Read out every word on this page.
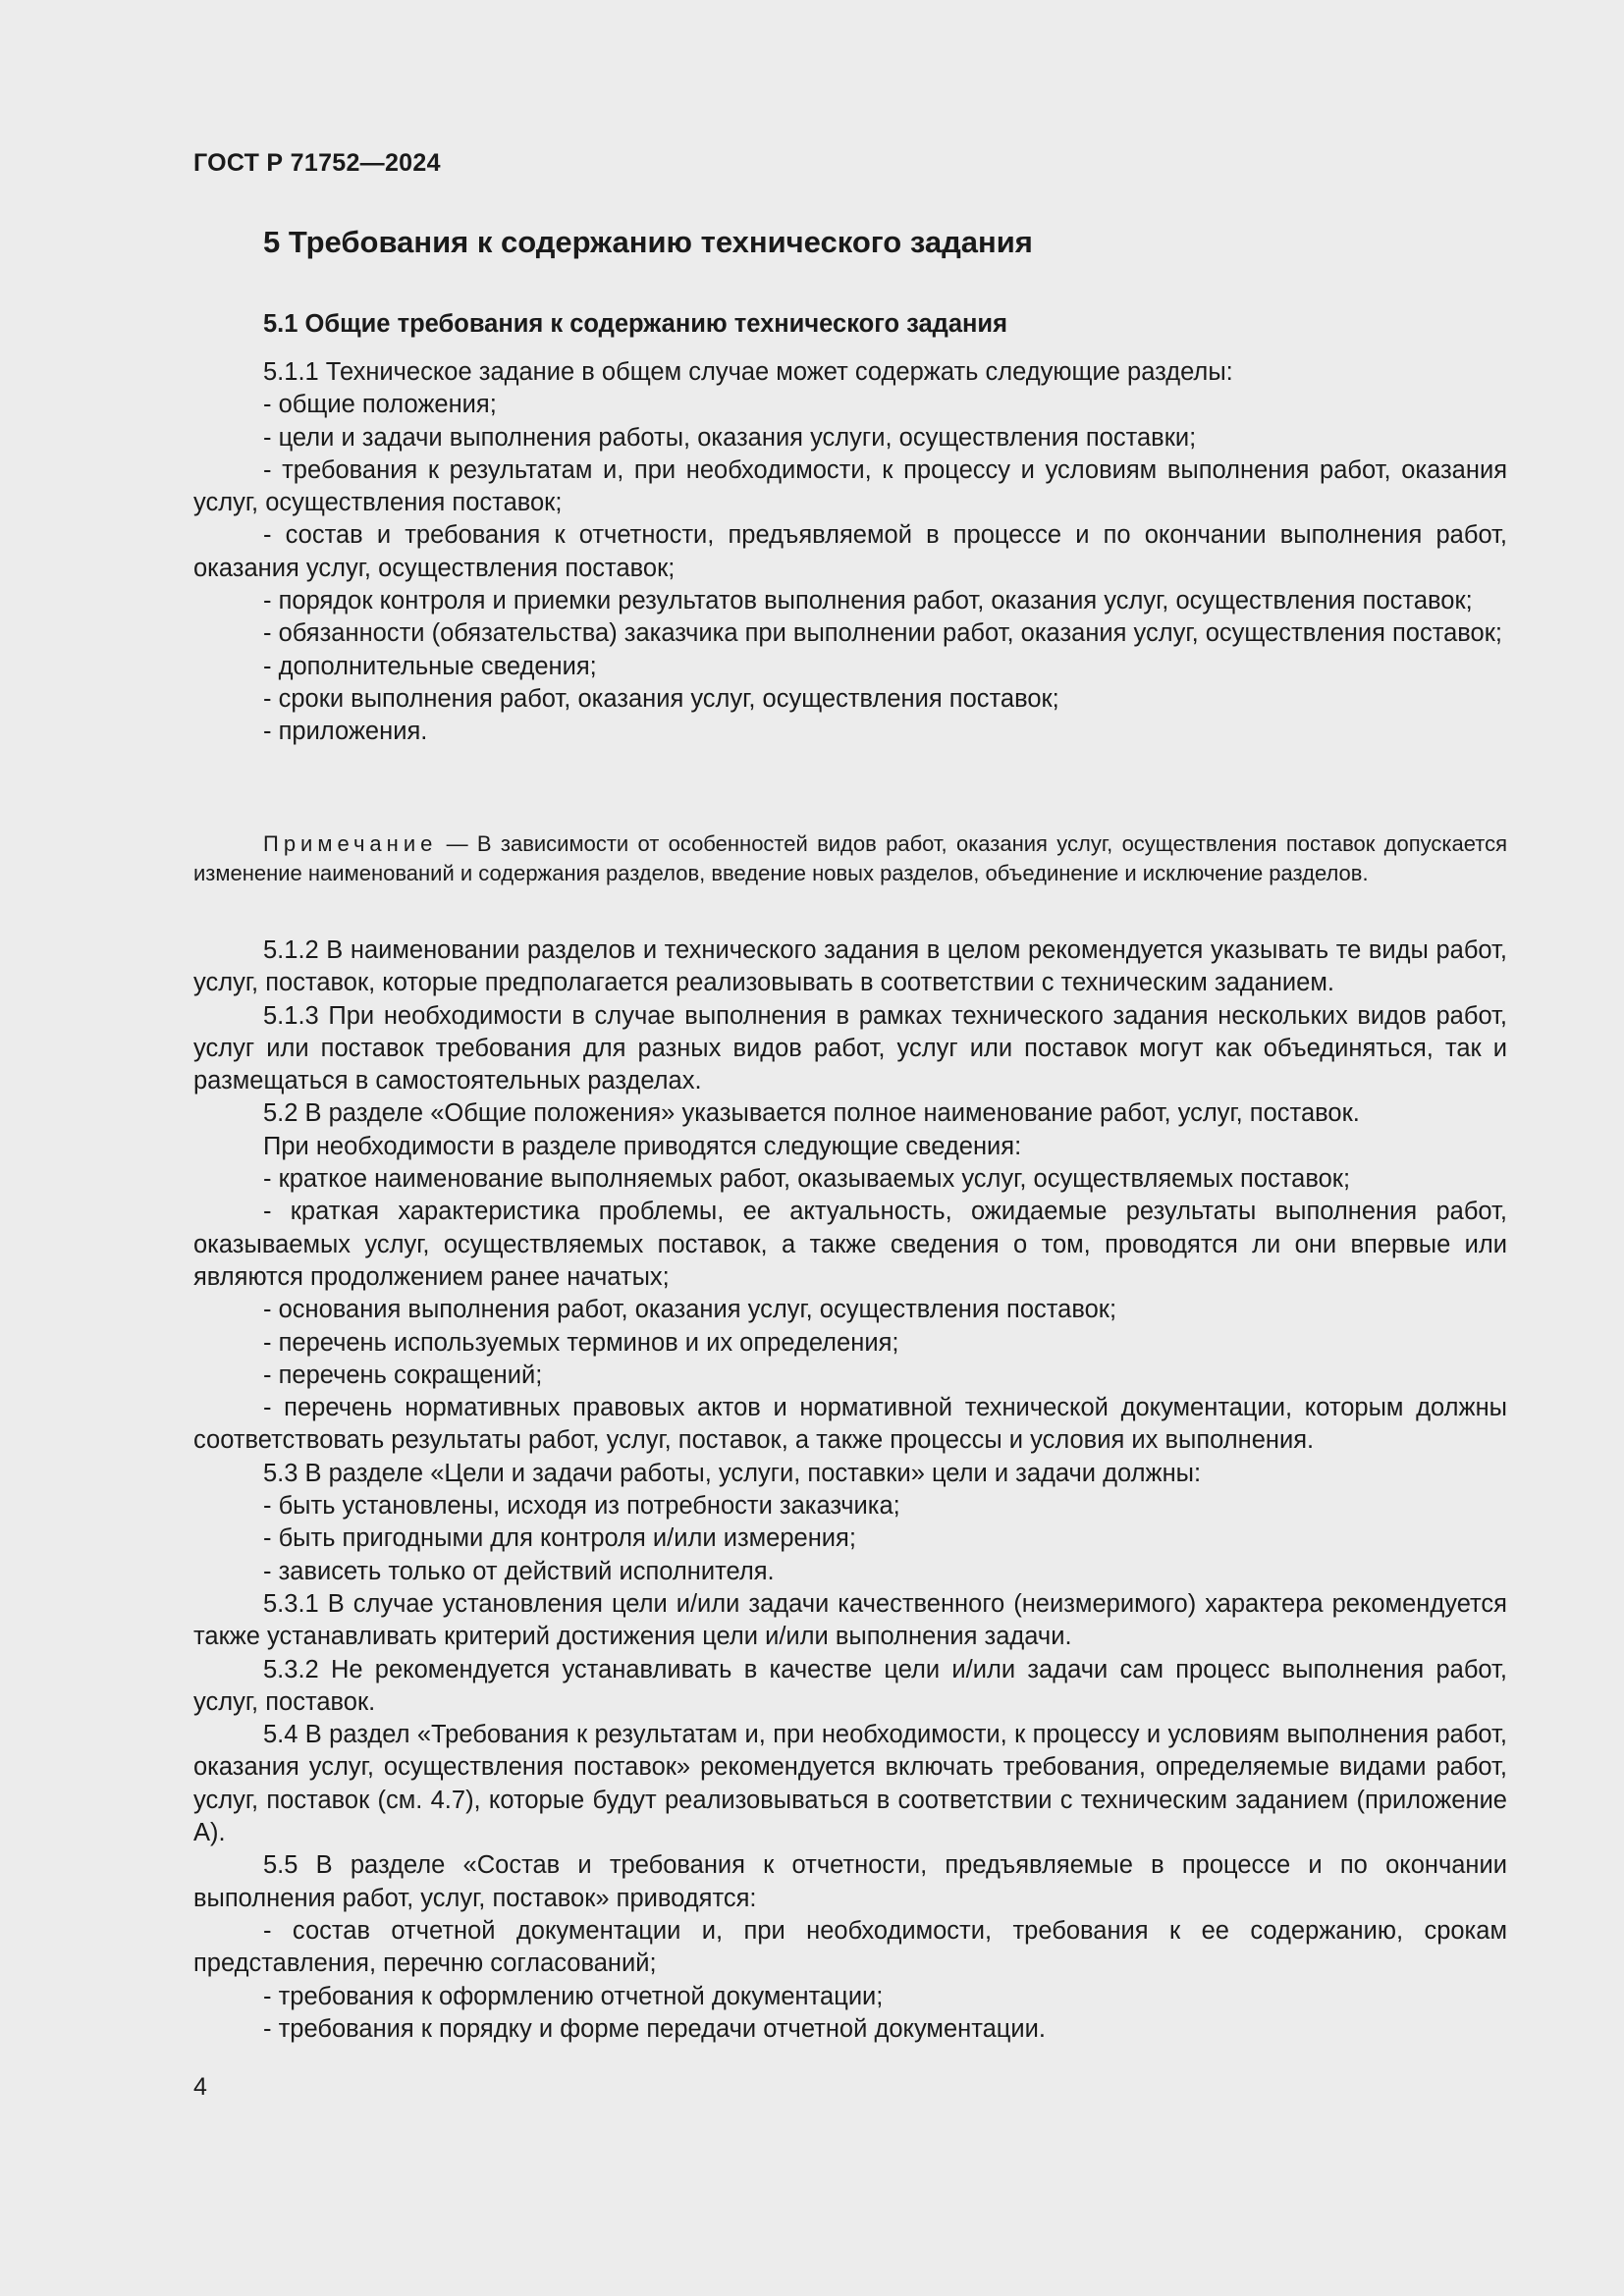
ГОСТ Р 71752—2024
5 Требования к содержанию технического задания
5.1 Общие требования к содержанию технического задания

5.1.1 Техническое задание в общем случае может содержать следующие разделы:

- общие положения;

- цели и задачи выполнения работы, оказания услуги, осуществления поставки;

- требования к результатам и, при необходимости, к процессу и условиям выполнения работ, оказания услуг, осуществления поставок;

- состав и требования к отчетности, предъявляемой в процессе и по окончании выполнения работ, оказания услуг, осуществления поставок;

- порядок контроля и приемки результатов выполнения работ, оказания услуг, осуществления поставок;

- обязанности (обязательства) заказчика при выполнении работ, оказания услуг, осуществления поставок;

- дополнительные сведения;

- сроки выполнения работ, оказания услуг, осуществления поставок;

- приложения.

Примечание — В зависимости от особенностей видов работ, оказания услуг, осуществления поставок допускается изменение наименований и содержания разделов, введение новых разделов, объединение и исключение разделов.

5.1.2 В наименовании разделов и технического задания в целом рекомендуется указывать те виды работ, услуг, поставок, которые предполагается реализовывать в соответствии с техническим заданием.

5.1.3 При необходимости в случае выполнения в рамках технического задания нескольких видов работ, услуг или поставок требования для разных видов работ, услуг или поставок могут как объединяться, так и размещаться в самостоятельных разделах.

5.2 В разделе «Общие положения» указывается полное наименование работ, услуг, поставок.

При необходимости в разделе приводятся следующие сведения:

- краткое наименование выполняемых работ, оказываемых услуг, осуществляемых поставок;

- краткая характеристика проблемы, ее актуальность, ожидаемые результаты выполнения работ, оказываемых услуг, осуществляемых поставок, а также сведения о том, проводятся ли они впервые или являются продолжением ранее начатых;

- основания выполнения работ, оказания услуг, осуществления поставок;

- перечень используемых терминов и их определения;

- перечень сокращений;

- перечень нормативных правовых актов и нормативной технической документации, которым должны соответствовать результаты работ, услуг, поставок, а также процессы и условия их выполнения.

5.3 В разделе «Цели и задачи работы, услуги, поставки» цели и задачи должны:

- быть установлены, исходя из потребности заказчика;

- быть пригодными для контроля и/или измерения;

- зависеть только от действий исполнителя.

5.3.1 В случае установления цели и/или задачи качественного (неизмеримого) характера рекомендуется также устанавливать критерий достижения цели и/или выполнения задачи.

5.3.2 Не рекомендуется устанавливать в качестве цели и/или задачи сам процесс выполнения работ, услуг, поставок.

5.4 В раздел «Требования к результатам и, при необходимости, к процессу и условиям выполнения работ, оказания услуг, осуществления поставок» рекомендуется включать требования, определяемые видами работ, услуг, поставок (см. 4.7), которые будут реализовываться в соответствии с техническим заданием (приложение А).

5.5 В разделе «Состав и требования к отчетности, предъявляемые в процессе и по окончании выполнения работ, услуг, поставок» приводятся:

- состав отчетной документации и, при необходимости, требования к ее содержанию, срокам представления, перечню согласований;

- требования к оформлению отчетной документации;

- требования к порядку и форме передачи отчетной документации.

4
